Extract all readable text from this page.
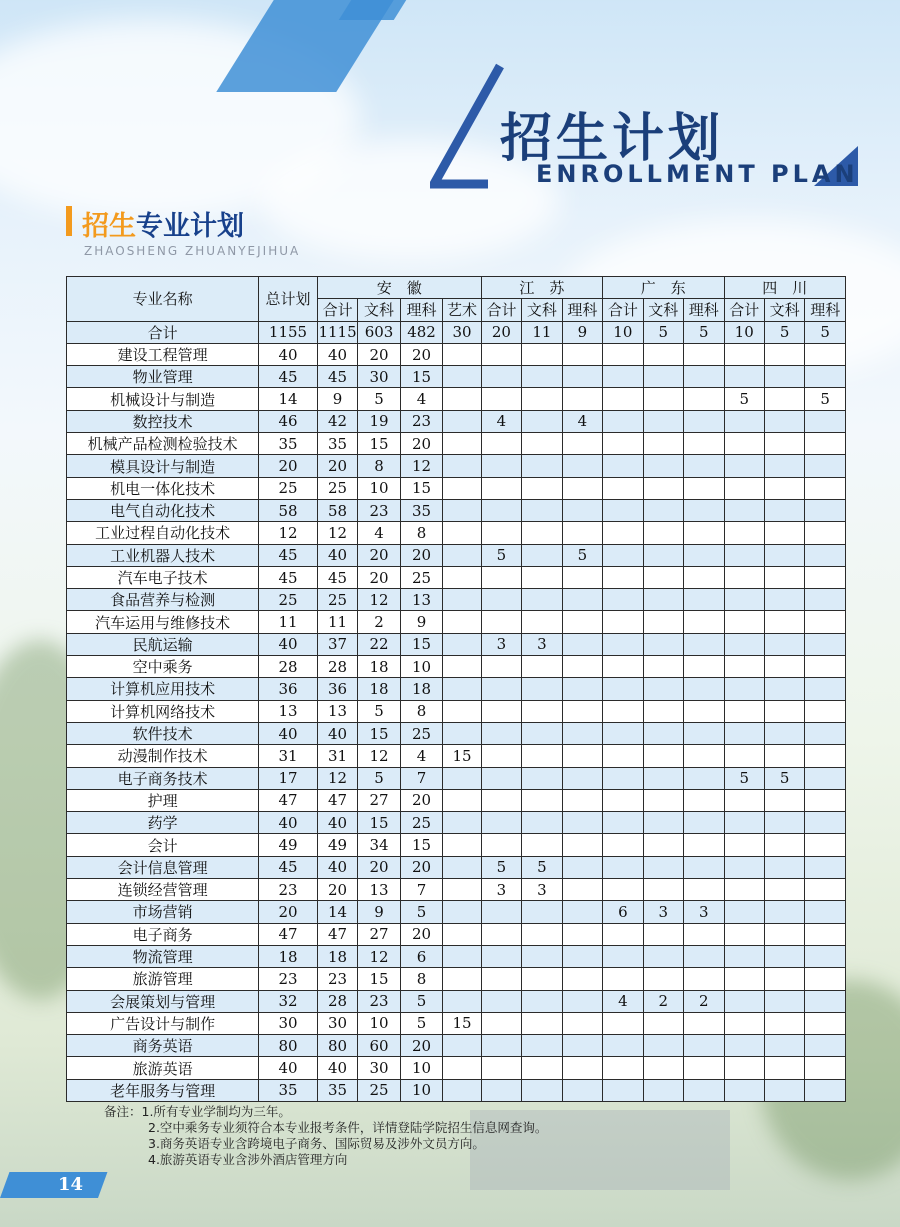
招生计划
ENROLLMENT PLAN
招生专业计划
ZHAOSHENG ZHUANYEJIHUA
专业名称	总计划	安　徽				江　苏			广　东			四　川		
		合计	文科	理科	艺术	合计	文科	理科	合计	文科	理科	合计	文科	理科
合计	1155	1115	603	482	30	20	11	9	10	5	5	10	5	5
建设工程管理	40	40	20	20										
物业管理	45	45	30	15										
机械设计与制造	14	9	5	4								5		5
数控技术	46	42	19	23		4		4						
机械产品检测检验技术	35	35	15	20										
模具设计与制造	20	20	8	12										
机电一体化技术	25	25	10	15										
电气自动化技术	58	58	23	35										
工业过程自动化技术	12	12	4	8										
工业机器人技术	45	40	20	20		5		5						
汽车电子技术	45	45	20	25										
食品营养与检测	25	25	12	13										
汽车运用与维修技术	11	11	2	9										
民航运输	40	37	22	15		3	3							
空中乘务	28	28	18	10										
计算机应用技术	36	36	18	18										
计算机网络技术	13	13	5	8										
软件技术	40	40	15	25										
动漫制作技术	31	31	12	4	15									
电子商务技术	17	12	5	7								5	5	
护理	47	47	27	20										
药学	40	40	15	25										
会计	49	49	34	15										
会计信息管理	45	40	20	20		5	5							
连锁经营管理	23	20	13	7		3	3							
市场营销	20	14	9	5					6	3	3			
电子商务	47	47	27	20										
物流管理	18	18	12	6										
旅游管理	23	23	15	8										
会展策划与管理	32	28	23	5					4	2	2			
广告设计与制作	30	30	10	5	15									
商务英语	80	80	60	20										
旅游英语	40	40	30	10										
老年服务与管理	35	35	25	10										
备注：1.所有专业学制均为三年。
2.空中乘务专业须符合本专业报考条件，详情登陆学院招生信息网查询。
3.商务英语专业含跨境电子商务、国际贸易及涉外文员方向。
4.旅游英语专业含涉外酒店管理方向
14
